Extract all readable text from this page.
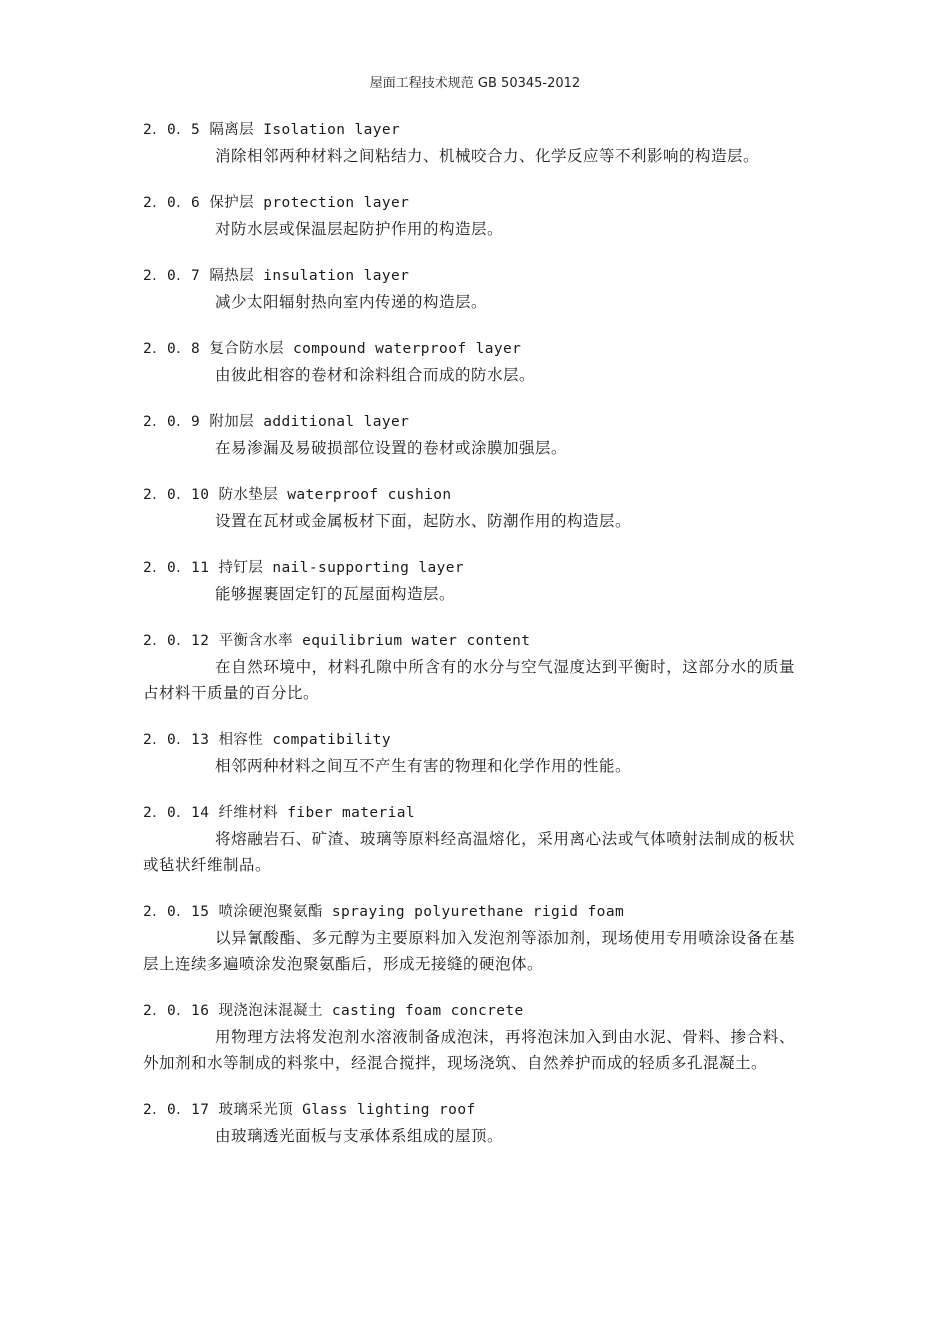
屋面工程技术规范 GB 50345-2012
2．0．5 隔离层 Isolation layer
消除相邻两种材料之间粘结力、机械咬合力、化学反应等不利影响的构造层。
2．0．6 保护层 protection layer
对防水层或保温层起防护作用的构造层。
2．0．7 隔热层 insulation layer
减少太阳辐射热向室内传递的构造层。
2．0．8 复合防水层 compound waterproof layer
由彼此相容的卷材和涂料组合而成的防水层。
2．0．9 附加层 additional layer
在易渗漏及易破损部位设置的卷材或涂膜加强层。
2．0．10 防水垫层 waterproof cushion
设置在瓦材或金属板材下面，起防水、防潮作用的构造层。
2．0．11 持钉层 nail-supporting layer
能够握裹固定钉的瓦屋面构造层。
2．0．12 平衡含水率 equilibrium water content
在自然环境中，材料孔隙中所含有的水分与空气湿度达到平衡时，这部分水的质量占材料干质量的百分比。
2．0．13 相容性 compatibility
相邻两种材料之间互不产生有害的物理和化学作用的性能。
2．0．14 纤维材料 fiber material
将熔融岩石、矿渣、玻璃等原料经高温熔化，采用离心法或气体喷射法制成的板状或毡状纤维制品。
2．0．15 喷涂硬泡聚氨酯 spraying polyurethane rigid foam
以异氰酸酯、多元醇为主要原料加入发泡剂等添加剂，现场使用专用喷涂设备在基层上连续多遍喷涂发泡聚氨酯后，形成无接缝的硬泡体。
2．0．16 现浇泡沫混凝土 casting foam concrete
用物理方法将发泡剂水溶液制备成泡沫，再将泡沫加入到由水泥、骨料、掺合料、外加剂和水等制成的料浆中，经混合搅拌，现场浇筑、自然养护而成的轻质多孔混凝土。
2．0．17 玻璃采光顶 Glass lighting roof
由玻璃透光面板与支承体系组成的屋顶。
